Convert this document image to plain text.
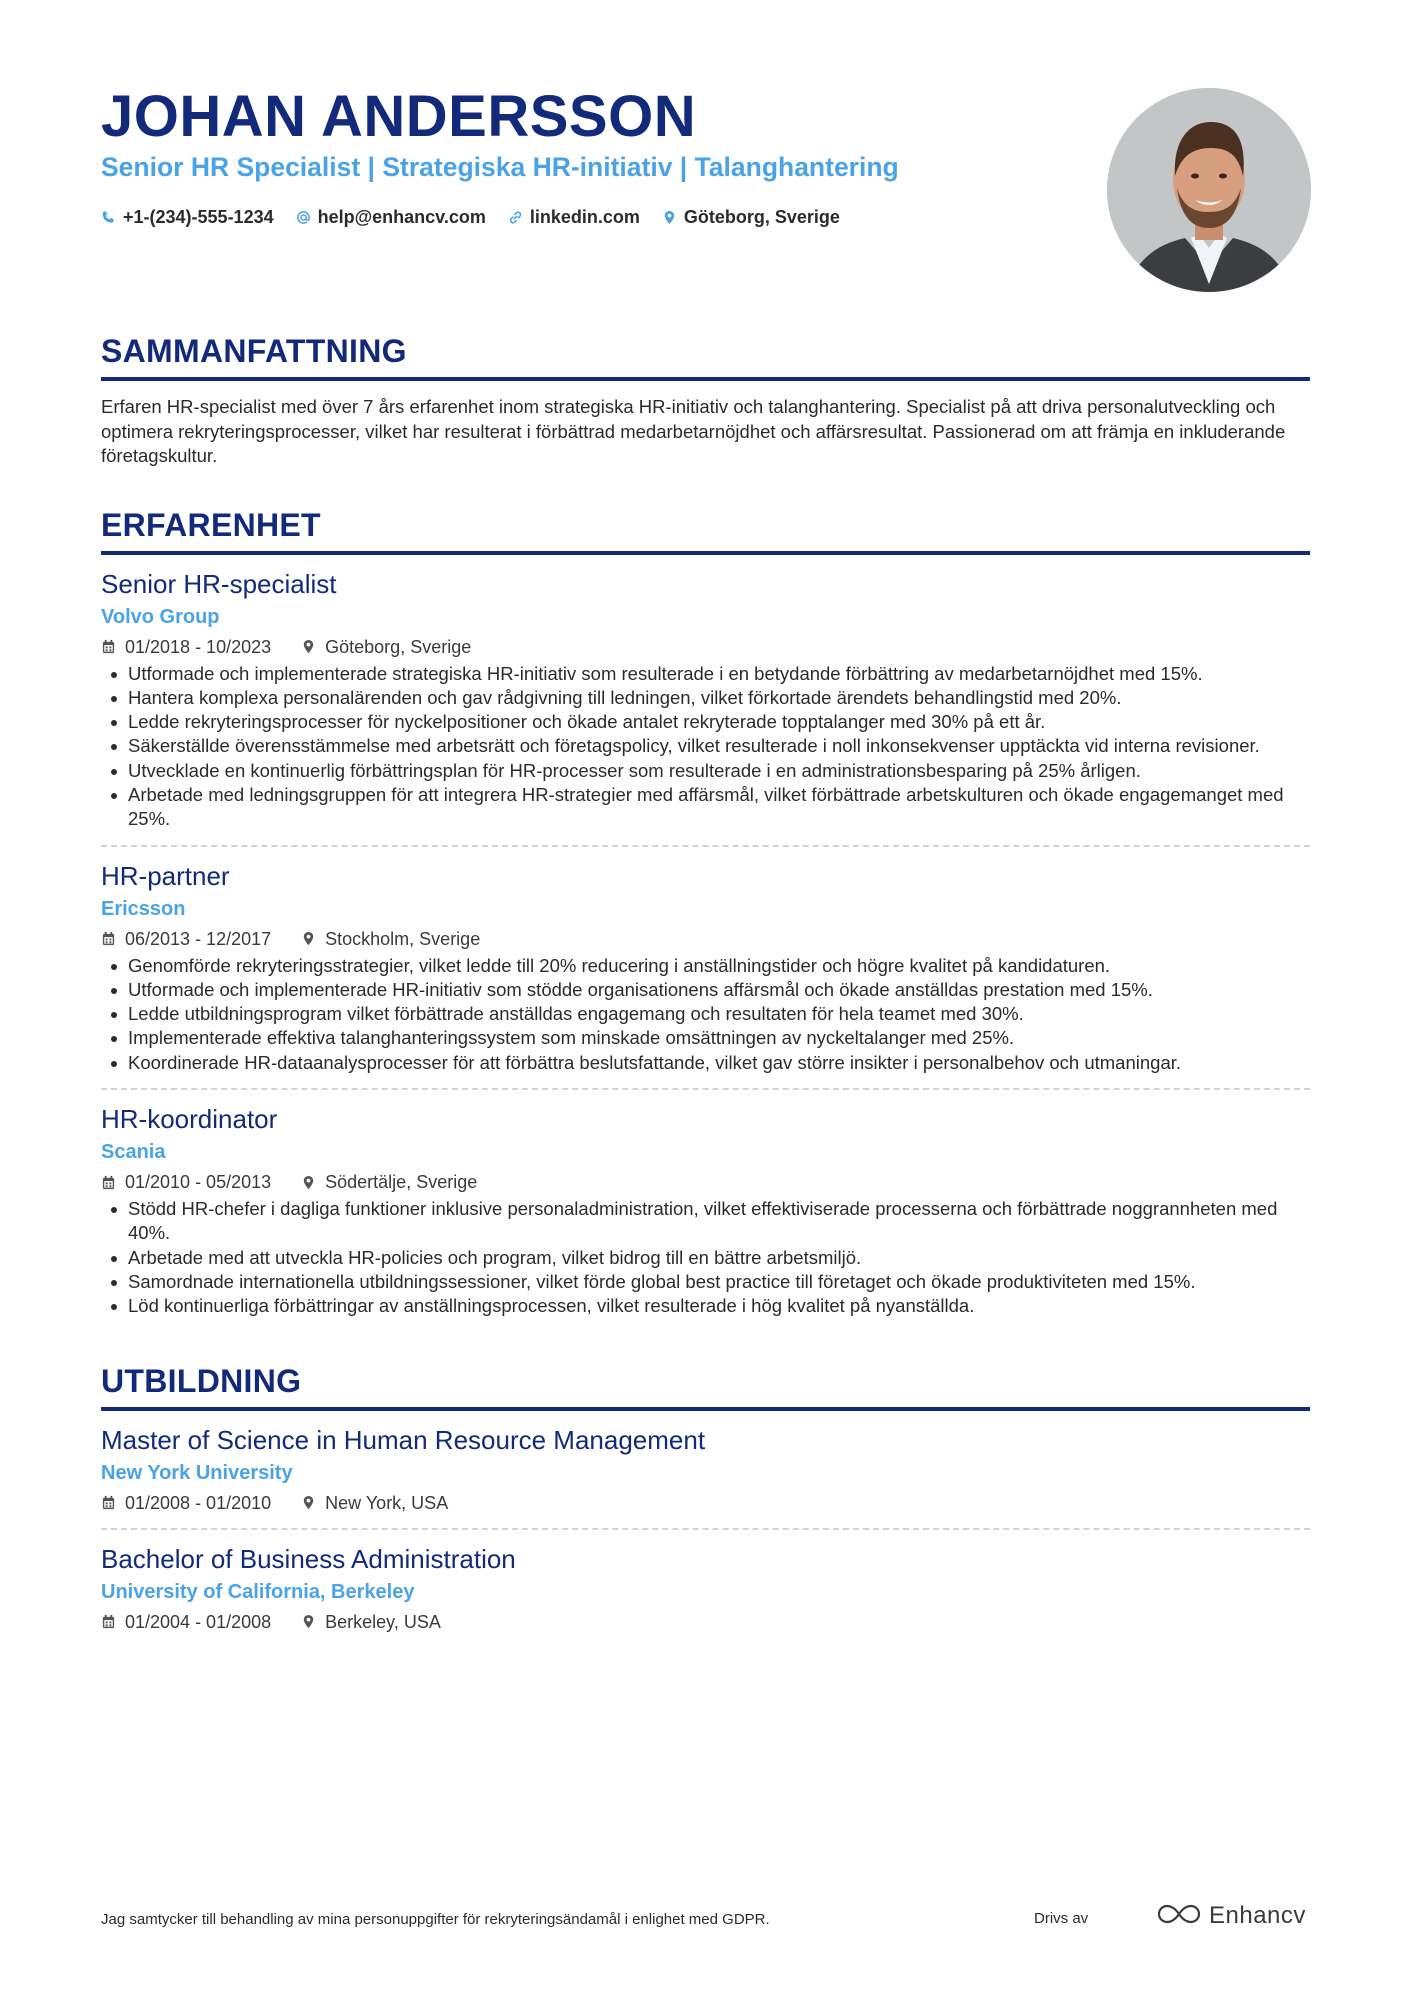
JOHAN ANDERSSON
Senior HR Specialist | Strategiska HR-initiativ | Talanghantering
+1-(234)-555-1234 help@enhancv.com linkedin.com Göteborg, Sverige
SAMMANFATTNING
Erfaren HR-specialist med över 7 års erfarenhet inom strategiska HR-initiativ och talanghantering. Specialist på att driva personalutveckling och optimera rekryteringsprocesser, vilket har resulterat i förbättrad medarbetarnöjdhet och affärsresultat. Passionerad om att främja en inkluderande företagskultur.
ERFARENHET
Senior HR-specialist
Volvo Group
01/2018 - 10/2023	Göteborg, Sverige
Utformade och implementerade strategiska HR-initiativ som resulterade i en betydande förbättring av medarbetarnöjdhet med 15%.
Hantera komplexa personalärenden och gav rådgivning till ledningen, vilket förkortade ärendets behandlingstid med 20%.
Ledde rekryteringsprocesser för nyckelpositioner och ökade antalet rekryterade topptalanger med 30% på ett år.
Säkerställde överensstämmelse med arbetsrätt och företagspolicy, vilket resulterade i noll inkonsekvenser upptäckta vid interna revisioner.
Utvecklade en kontinuerlig förbättringsplan för HR-processer som resulterade i en administrationsbesparing på 25% årligen.
Arbetade med ledningsgruppen för att integrera HR-strategier med affärsmål, vilket förbättrade arbetskulturen och ökade engagemanget med 25%.
HR-partner
Ericsson
06/2013 - 12/2017	Stockholm, Sverige
Genomförde rekryteringsstrategier, vilket ledde till 20% reducering i anställningstider och högre kvalitet på kandidaturen.
Utformade och implementerade HR-initiativ som stödde organisationens affärsmål och ökade anställdas prestation med 15%.
Ledde utbildningsprogram vilket förbättrade anställdas engagemang och resultaten för hela teamet med 30%.
Implementerade effektiva talanghanteringssystem som minskade omsättningen av nyckeltalanger med 25%.
Koordinerade HR-dataanalysprocesser för att förbättra beslutsfattande, vilket gav större insikter i personalbehov och utmaningar.
HR-koordinator
Scania
01/2010 - 05/2013	Södertälje, Sverige
Stödd HR-chefer i dagliga funktioner inklusive personaladministration, vilket effektiviserade processerna och förbättrade noggrannheten med 40%.
Arbetade med att utveckla HR-policies och program, vilket bidrog till en bättre arbetsmiljö.
Samordnade internationella utbildningssessioner, vilket förde global best practice till företaget och ökade produktiviteten med 15%.
Löd kontinuerliga förbättringar av anställningsprocessen, vilket resulterade i hög kvalitet på nyanställda.
UTBILDNING
Master of Science in Human Resource Management
New York University
01/2008 - 01/2010	New York, USA
Bachelor of Business Administration
University of California, Berkeley
01/2004 - 01/2008	Berkeley, USA
Jag samtycker till behandling av mina personuppgifter för rekryteringsändamål i enlighet med GDPR.	Drivs av	Enhancv
